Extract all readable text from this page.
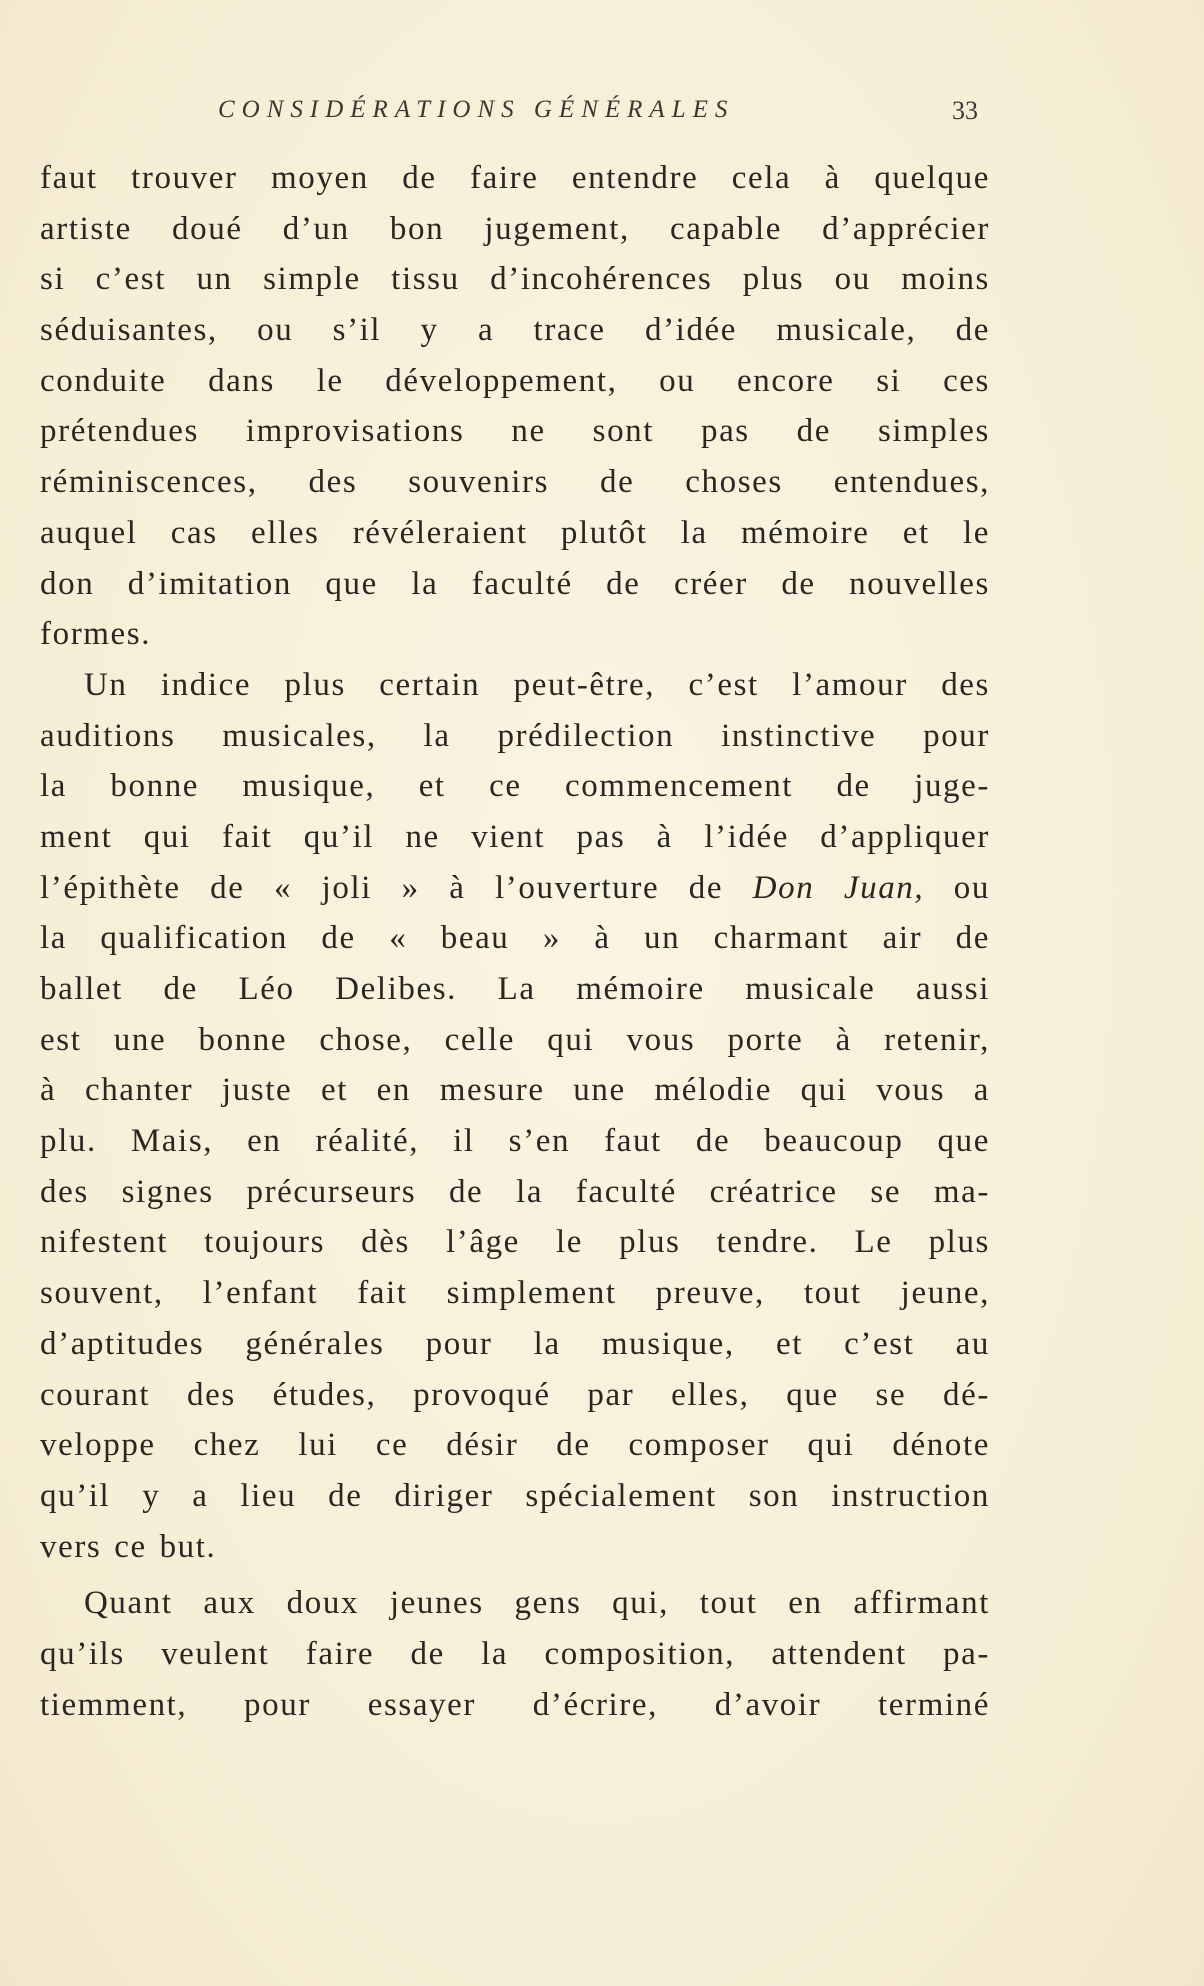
CONSIDÉRATIONS GÉNÉRALES	33
faut trouver moyen de faire entendre cela à quelque
artiste doué d’un bon jugement, capable d’apprécier
si c’est un simple tissu d’incohérences plus ou moins
séduisantes, ou s’il y a trace d’idée musicale, de
conduite dans le développement, ou encore si ces
prétendues improvisations ne sont pas de simples
réminiscences, des souvenirs de choses entendues,
auquel cas elles révéleraient plutôt la mémoire et le
don d’imitation que la faculté de créer de nouvelles
formes.
Un indice plus certain peut-être, c’est l’amour des
auditions musicales, la prédilection instinctive pour
la bonne musique, et ce commencement de juge-
ment qui fait qu’il ne vient pas à l’idée d’appliquer
l’épithète de « joli » à l’ouverture de Don Juan, ou
la qualification de « beau » à un charmant air de
ballet de Léo Delibes. La mémoire musicale aussi
est une bonne chose, celle qui vous porte à retenir,
à chanter juste et en mesure une mélodie qui vous a
plu. Mais, en réalité, il s’en faut de beaucoup que
des signes précurseurs de la faculté créatrice se ma-
nifestent toujours dès l’âge le plus tendre. Le plus
souvent, l’enfant fait simplement preuve, tout jeune,
d’aptitudes générales pour la musique, et c’est au
courant des études, provoqué par elles, que se dé-
veloppe chez lui ce désir de composer qui dénote
qu’il y a lieu de diriger spécialement son instruction
vers ce but.
Quant aux doux jeunes gens qui, tout en affirmant
qu’ils veulent faire de la composition, attendent pa-
tiemment, pour essayer d’écrire, d’avoir terminé
